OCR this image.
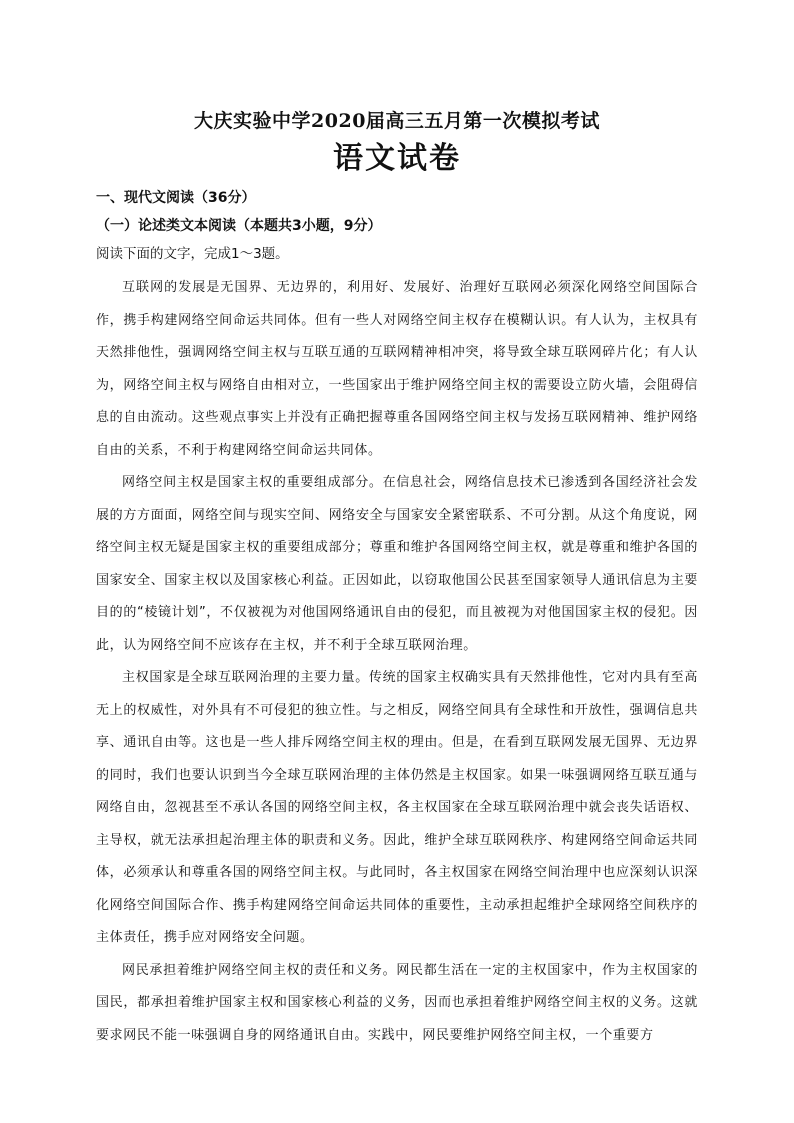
大庆实验中学2020届高三五月第一次模拟考试
语文试卷
一、现代文阅读（36分）
（一）论述类文本阅读（本题共3小题，9分）
阅读下面的文字，完成1～3题。

互联网的发展是无国界、无边界的，利用好、发展好、治理好互联网必须深化网络空间国际合作，携手构建网络空间命运共同体。但有一些人对网络空间主权存在模糊认识。有人认为，主权具有天然排他性，强调网络空间主权与互联互通的互联网精神相冲突，将导致全球互联网碎片化；有人认为，网络空间主权与网络自由相对立，一些国家出于维护网络空间主权的需要设立防火墙，会阻碍信息的自由流动。这些观点事实上并没有正确把握尊重各国网络空间主权与发扬互联网精神、维护网络自由的关系，不利于构建网络空间命运共同体。

网络空间主权是国家主权的重要组成部分。在信息社会，网络信息技术已渗透到各国经济社会发展的方方面面，网络空间与现实空间、网络安全与国家安全紧密联系、不可分割。从这个角度说，网络空间主权无疑是国家主权的重要组成部分；尊重和维护各国网络空间主权，就是尊重和维护各国的国家安全、国家主权以及国家核心利益。正因如此，以窃取他国公民甚至国家领导人通讯信息为主要目的的“棱镜计划”，不仅被视为对他国网络通讯自由的侵犯，而且被视为对他国国家主权的侵犯。因此，认为网络空间不应该存在主权，并不利于全球互联网治理。

主权国家是全球互联网治理的主要力量。传统的国家主权确实具有天然排他性，它对内具有至高无上的权威性，对外具有不可侵犯的独立性。与之相反，网络空间具有全球性和开放性，强调信息共享、通讯自由等。这也是一些人排斥网络空间主权的理由。但是，在看到互联网发展无国界、无边界的同时，我们也要认识到当今全球互联网治理的主体仍然是主权国家。如果一味强调网络互联互通与网络自由，忽视甚至不承认各国的网络空间主权，各主权国家在全球互联网治理中就会丧失话语权、主导权，就无法承担起治理主体的职责和义务。因此，维护全球互联网秩序、构建网络空间命运共同体，必须承认和尊重各国的网络空间主权。与此同时，各主权国家在网络空间治理中也应深刻认识深化网络空间国际合作、携手构建网络空间命运共同体的重要性，主动承担起维护全球网络空间秩序的主体责任，携手应对网络安全问题。

网民承担着维护网络空间主权的责任和义务。网民都生活在一定的主权国家中，作为主权国家的国民，都承担着维护国家主权和国家核心利益的义务，因而也承担着维护网络空间主权的义务。这就要求网民不能一味强调自身的网络通讯自由。实践中，网民要维护网络空间主权，一个重要方
